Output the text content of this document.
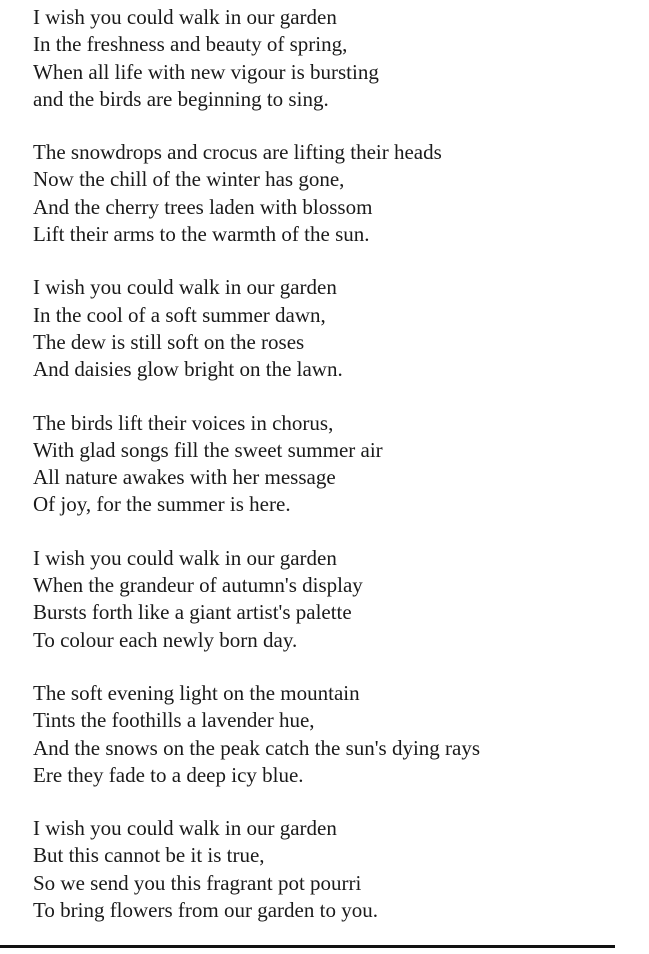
I wish you could walk in our garden
In the freshness and beauty of spring,
When all life with new vigour is bursting
and the birds are beginning to sing.
The snowdrops and crocus are lifting their heads
Now the chill of the winter has gone,
And the cherry trees laden with blossom
Lift their arms to the warmth of the sun.
I wish you could walk in our garden
In the cool of a soft summer dawn,
The dew is still soft on the roses
And daisies glow bright on the lawn.
The birds lift their voices in chorus,
With glad songs fill the sweet summer air
All nature awakes with her message
Of joy, for the summer is here.
I wish you could walk in our garden
When the grandeur of autumn's display
Bursts forth like a giant artist's palette
To colour each newly born day.
The soft evening light on the mountain
Tints the foothills a lavender hue,
And the snows on the peak catch the sun's dying rays
Ere they fade to a deep icy blue.
I wish you could walk in our garden
But this cannot be it is true,
So we send you this fragrant pot pourri
To bring flowers from our garden to you.
